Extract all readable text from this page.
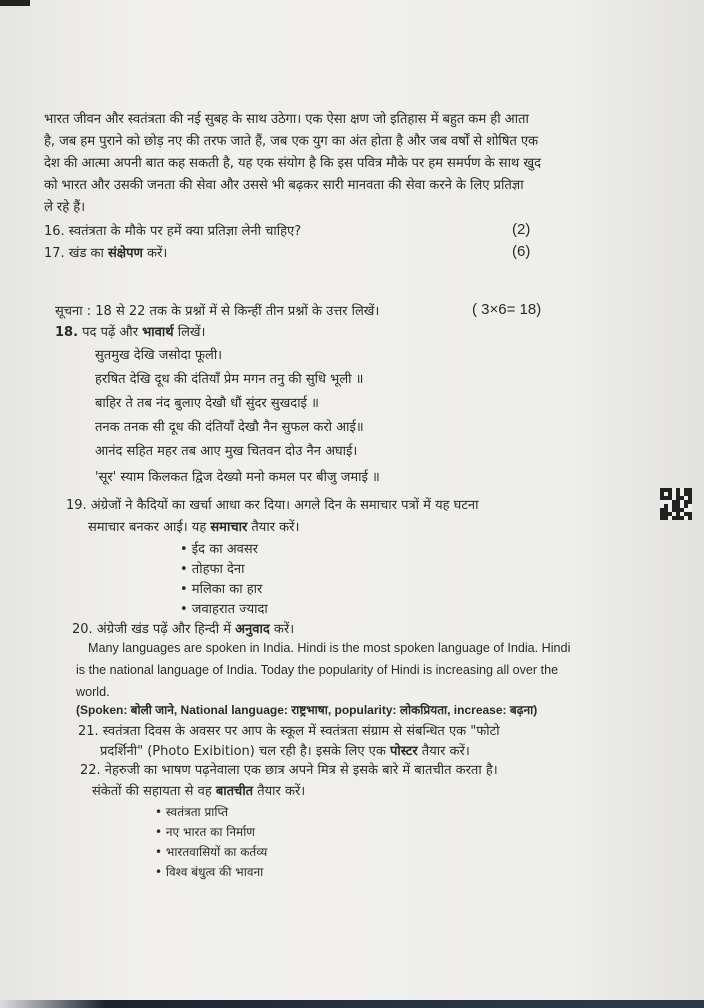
भारत जीवन और स्वतंत्रता की नई सुबह के साथ उठेगा। एक ऐसा क्षण जो इतिहास में बहुत कम ही आता
है, जब हम पुराने को छोड़ नए की तरफ जाते हैं, जब एक युग का अंत होता है और जब वर्षों से शोषित एक
देश की आत्मा अपनी बात कह सकती है, यह एक संयोग है कि इस पवित्र मौके पर हम समर्पण के साथ खुद
को भारत और उसकी जनता की सेवा और उससे भी बढ़कर सारी मानवता की सेवा करने के लिए प्रतिज्ञा
ले रहे हैं।
16. स्वतंत्रता के मौके पर हमें क्या प्रतिज्ञा लेनी चाहिए?	(2)
17. खंड का संक्षेपण करें।	(6)
सूचना : 18 से 22 तक के प्रश्नों में से किन्हीं तीन प्रश्नों के उत्तर लिखें।	( 3×6= 18)
18. पद पढ़ें और भावार्थ लिखें।
सुतमुख देखि जसोदा फूली।
हरषित देखि दूध की दंतियाँ प्रेम मगन तनु की सुधि भूली ॥
बाहिर ते तब नंद बुलाए देखौ धौं सुंदर सुखदाई ॥
तनक तनक सी दूध की दंतियाँ देखौ नैन सुफल करो आई॥
आनंद सहित महर तब आए मुख चितवन दोउ नैन अघाई।
'सूर' स्याम किलकत द्विज देख्यो मनो कमल पर बीजु जमाई ॥
19. अंग्रेजों ने कैदियों का खर्चा आधा कर दिया। अगले दिन के समाचार पत्रों में यह घटना
समाचार बनकर आई। यह समाचार तैयार करें।
• ईद का अवसर
• तोहफा देना
• मलिका का हार
• जवाहरात ज्यादा
20. अंग्रेजी खंड पढ़ें और हिन्दी में अनुवाद करें।
Many languages are spoken in India. Hindi is the most spoken language of India. Hindi
is the national language of India. Today the popularity of Hindi is increasing all over the
world.
(Spoken: बोली जाने, National language: राष्ट्रभाषा, popularity: लोकप्रियता, increase: बढ़ना)
21. स्वतंत्रता दिवस के अवसर पर आप के स्कूल में स्वतंत्रता संग्राम से संबन्धित एक "फोटो
प्रदर्शिनी" (Photo Exibition) चल रही है। इसके लिए एक पोस्टर तैयार करें।
22. नेहरुजी का भाषण पढ़नेवाला एक छात्र अपने मित्र से इसके बारे में बातचीत करता है।
संकेतों की सहायता से वह बातचीत तैयार करें।
• स्वतंत्रता प्राप्ति
• नए भारत का निर्माण
• भारतवासियों का कर्तव्य
• विश्व बंधुत्व की भावना
